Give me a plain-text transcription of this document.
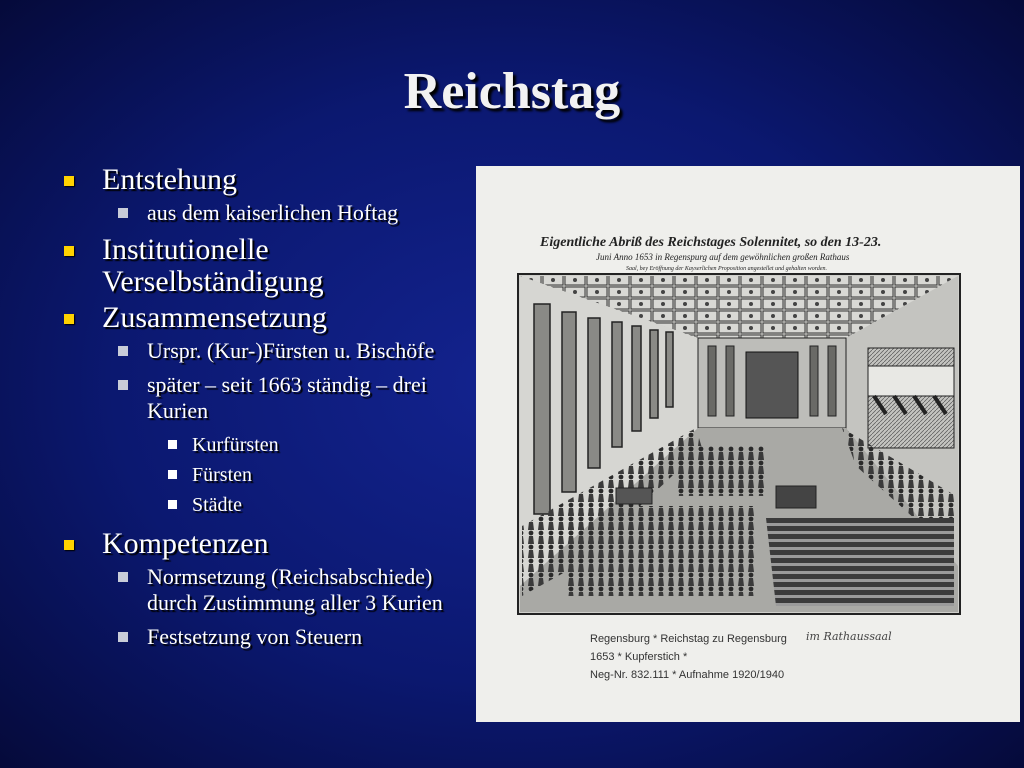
Reichstag
Entstehung
aus dem kaiserlichen Hoftag
Institutionelle Verselbständigung
Zusammensetzung
Urspr. (Kur-)Fürsten u. Bischöfe
später – seit 1663 ständig – drei Kurien
Kurfürsten
Fürsten
Städte
Kompetenzen
Normsetzung (Reichsabschiede) durch Zustimmung aller 3 Kurien
Festsetzung von Steuern
Eigentliche Abriß des Reichstages Solennitet, so den 13-23.
Juni Anno 1653 in Regenspurg auf dem gewöhnlichen großen Rathaus
Saal, bey Eröffnung der Kayserlichen Proposition angestellet und gehalten worden.
Regensburg * Reichstag zu Regensburg im Rathaussaal
1653 * Kupferstich *
Neg-Nr. 832.111 * Aufnahme 1920/1940
